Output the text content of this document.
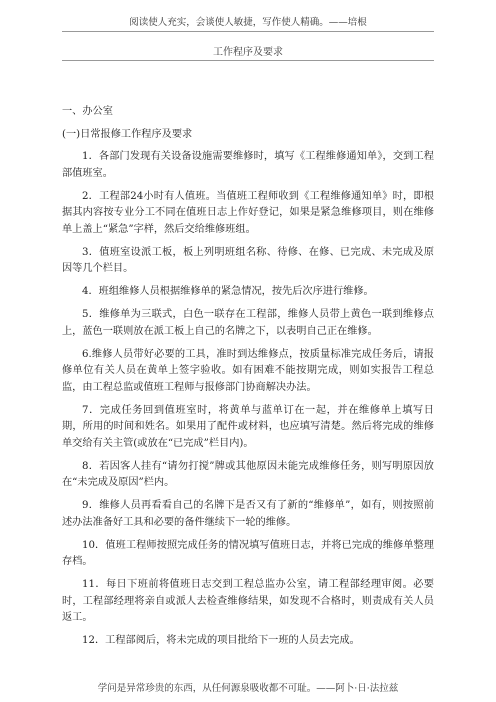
阅读使人充实，会谈使人敏捷，写作使人精确。——培根
工作程序及要求
一、办公室
(一)日常报修工作程序及要求

1．各部门发现有关设备设施需要维修时，填写《工程维修通知单》，交到工程部值班室。

2．工程部24小时有人值班。当值班工程师收到《工程维修通知单》时，即根据其内容按专业分工不同在值班日志上作好登记，如果是紧急维修项目，则在维修单上盖上“紧急”字样，然后交给维修班组。

3．值班室设派工板，板上列明班组名称、待修、在修、已完成、未完成及原因等几个栏目。

4．班组维修人员根据维修单的紧急情况，按先后次序进行维修。

5．维修单为三联式，白色一联存在工程部，维修人员带上黄色一联到维修点上，蓝色一联则放在派工板上自己的名牌之下，以表明自己正在维修。

6.维修人员带好必要的工具，准时到达维修点，按质量标准完成任务后，请报修单位有关人员在黄单上签字验收。如有困难不能按期完成，则如实报告工程总监，由工程总监或值班工程师与报修部门协商解决办法。

7．完成任务回到值班室时，将黄单与蓝单订在一起，并在维修单上填写日期，所用的时间和姓名。如果用了配件或材料，也应填写清楚。然后将完成的维修单交给有关主管(或放在“已完成”栏目内)。

8．若因客人挂有“请勿打搅”牌或其他原因未能完成维修任务，则写明原因放在“未完成及原因”栏内。

9．维修人员再看看自己的名牌下是否又有了新的“维修单”，如有，则按照前述办法准备好工具和必要的备件继续下一轮的维修。

10．值班工程师按照完成任务的情况填写值班日志，并将已完成的维修单整理存档。

11．每日下班前将值班日志交到工程总监办公室，请工程部经理审阅。必要时，工程部经理将亲自或派人去检查维修结果，如发现不合格时，则责成有关人员返工。

12．工程部阅后，将未完成的项目批给下一班的人员去完成。

学问是异常珍贵的东西，从任何源泉吸收都不可耻。——阿卜·日·法拉兹
